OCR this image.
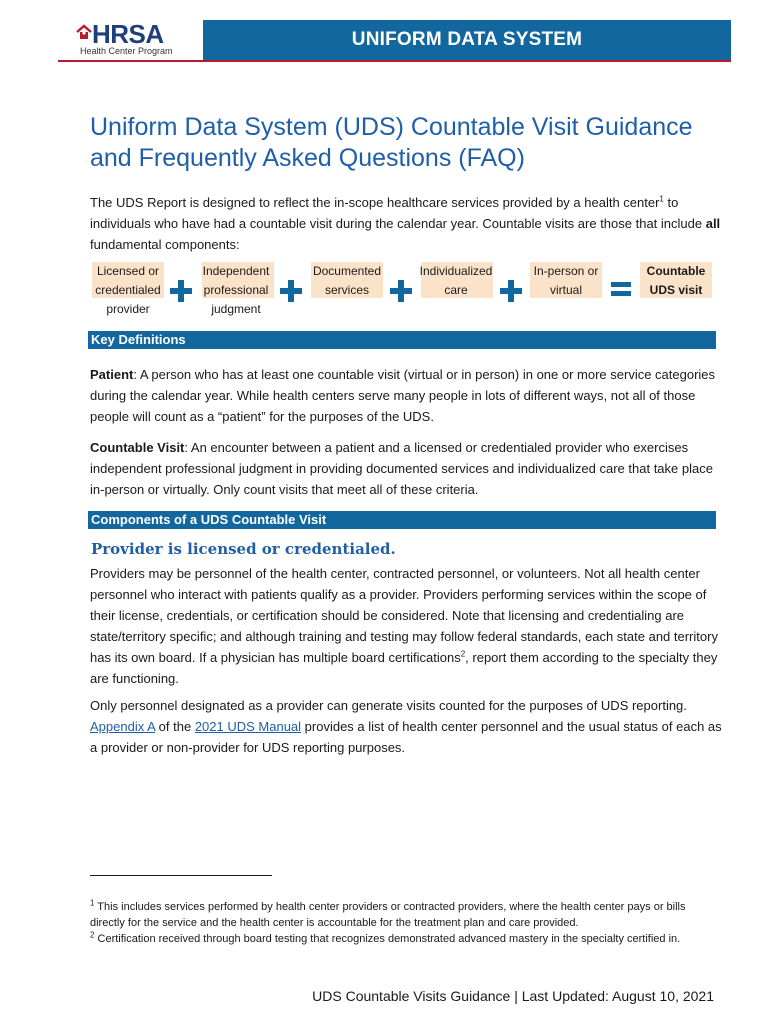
HRSA
Health Center Program
UNIFORM DATA SYSTEM
Uniform Data System (UDS) Countable Visit Guidance and Frequently Asked Questions (FAQ)

The UDS Report is designed to reflect the in-scope healthcare services provided by a health center$^1$ to individuals who have had a countable visit during the calendar year. Countable visits are those that include all fundamental components:

Licensed or
credentialed
provider
Independent
professional
judgment
Documented
services
Individualized
care
In-person or
virtual
Countable
UDS visit
Key Definitions

Patient: A person who has at least one countable visit (virtual or in person) in one or more service categories during the calendar year. While health centers serve many people in lots of different ways, not all of those people will count as a “patient” for the purposes of the UDS.

Countable Visit: An encounter between a patient and a licensed or credentialed provider who exercises independent professional judgment in providing documented services and individualized care that take place in-person or virtually. Only count visits that meet all of these criteria.

Components of a UDS Countable Visit
Provider is licensed or credentialed.

Providers may be personnel of the health center, contracted personnel, or volunteers. Not all health center personnel who interact with patients qualify as a provider. Providers performing services within the scope of their license, credentials, or certification should be considered. Note that licensing and credentialing are state/territory specific; and although training and testing may follow federal standards, each state and territory has its own board. If a physician has multiple board certifications$^2$, report them according to the specialty they are functioning.

Only personnel designated as a provider can generate visits counted for the purposes of UDS reporting. Appendix A of the 2021 UDS Manual provides a list of health center personnel and the usual status of each as a provider or non-provider for UDS reporting purposes.

$^1$ This includes services performed by health center providers or contracted providers, where the health center pays or bills directly for the service and the health center is accountable for the treatment plan and care provided.

$^2$ Certification received through board testing that recognizes demonstrated advanced mastery in the specialty certified in.

UDS Countable Visits Guidance | Last Updated: August 10, 2021
